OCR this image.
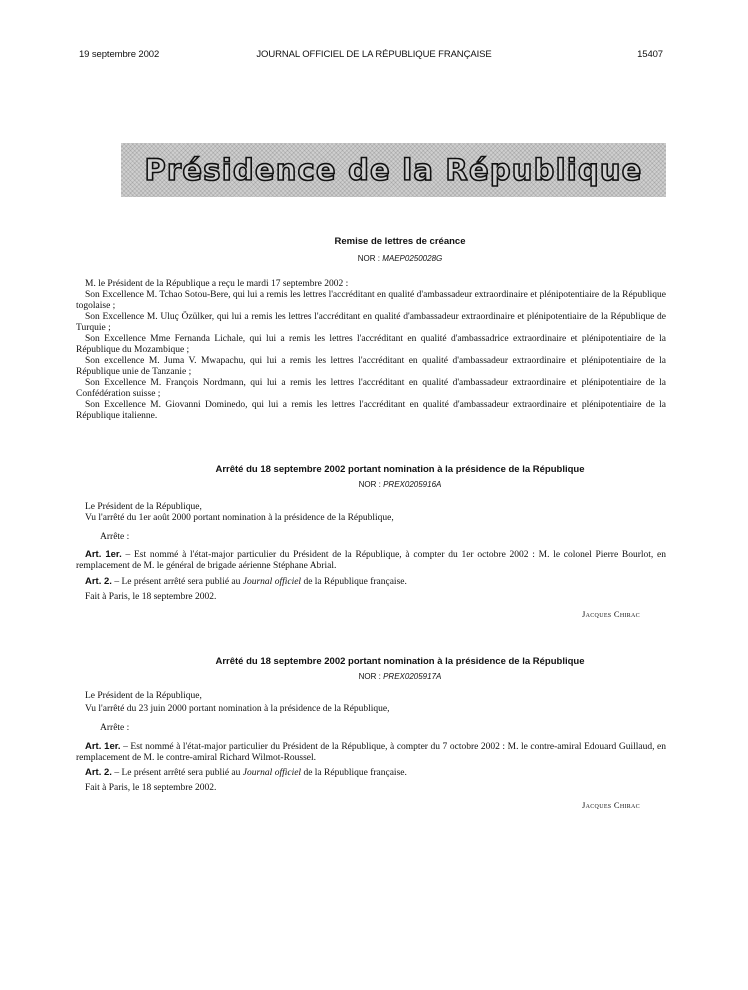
19 septembre 2002	JOURNAL OFFICIEL DE LA RÉPUBLIQUE FRANÇAISE	15407
Présidence de la République
Remise de lettres de créance
NOR : MAEP0250028G

M. le Président de la République a reçu le mardi 17 septembre 2002 :

Son Excellence M. Tchao Sotou-Bere, qui lui a remis les lettres l'accréditant en qualité d'ambassadeur extraordinaire et plénipotentiaire de la République togolaise ;

Son Excellence M. Uluç Özülker, qui lui a remis les lettres l'accréditant en qualité d'ambassadeur extraordinaire et plénipotentiaire de la République de Turquie ;

Son Excellence Mme Fernanda Lichale, qui lui a remis les lettres l'accréditant en qualité d'ambassadrice extraordinaire et plénipotentiaire de la République du Mozambique ;

Son excellence M. Juma V. Mwapachu, qui lui a remis les lettres l'accréditant en qualité d'ambassadeur extraordinaire et plénipotentiaire de la République unie de Tanzanie ;

Son Excellence M. François Nordmann, qui lui a remis les lettres l'accréditant en qualité d'ambassadeur extraordinaire et plénipotentiaire de la Confédération suisse ;

Son Excellence M. Giovanni Dominedo, qui lui a remis les lettres l'accréditant en qualité d'ambassadeur extraordinaire et plénipotentiaire de la République italienne.

Arrêté du 18 septembre 2002 portant nomination à la présidence de la République
NOR : PREX0205916A
Le Président de la République,
Vu l'arrêté du 1er août 2000 portant nomination à la présidence de la République,
Arrête :
Art. 1er. – Est nommé à l'état-major particulier du Président de la République, à compter du 1er octobre 2002 : M. le colonel Pierre Bourlot, en remplacement de M. le général de brigade aérienne Stéphane Abrial.
Art. 2. – Le présent arrêté sera publié au Journal officiel de la République française.
Fait à Paris, le 18 septembre 2002.
Jacques Chirac
Arrêté du 18 septembre 2002 portant nomination à la présidence de la République
NOR : PREX0205917A
Le Président de la République,
Vu l'arrêté du 23 juin 2000 portant nomination à la présidence de la République,
Arrête :
Art. 1er. – Est nommé à l'état-major particulier du Président de la République, à compter du 7 octobre 2002 : M. le contre-amiral Edouard Guillaud, en remplacement de M. le contre-amiral Richard Wilmot-Roussel.
Art. 2. – Le présent arrêté sera publié au Journal officiel de la République française.
Fait à Paris, le 18 septembre 2002.
Jacques Chirac
